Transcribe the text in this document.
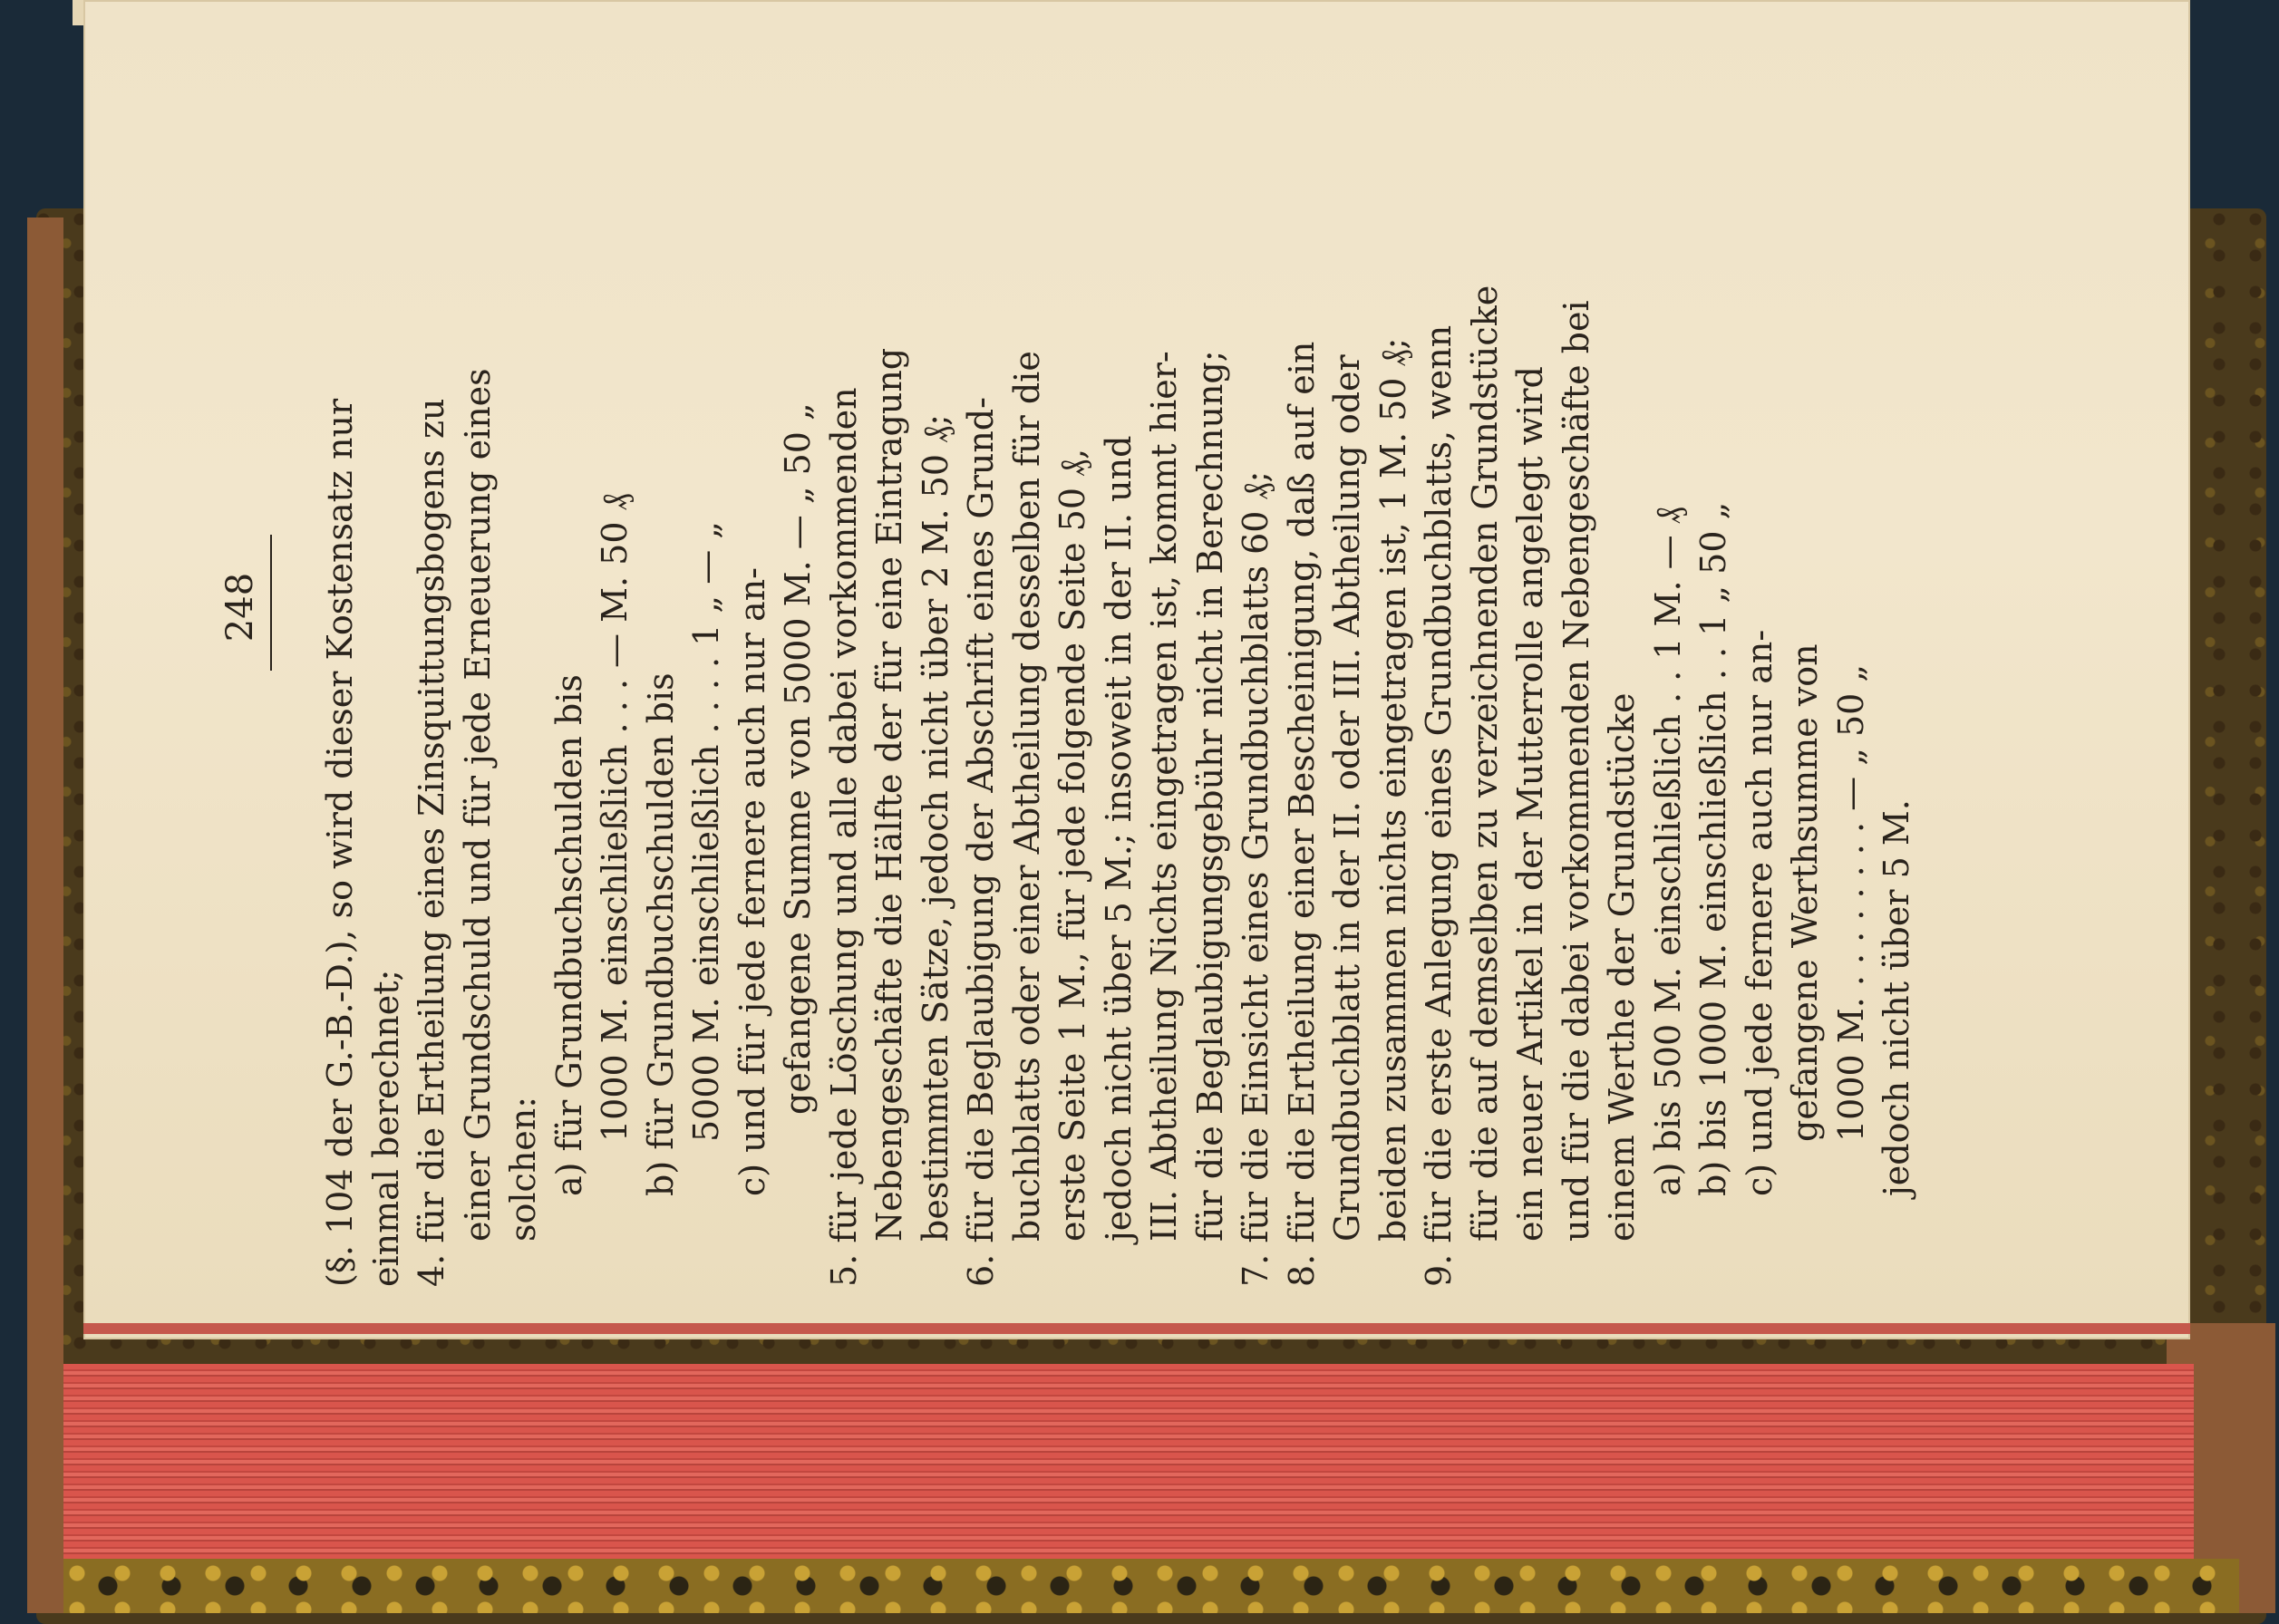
248 (§. 104 der G.-B.-D.), so wird dieser Kostensatz nur einmal berechnet; 4. für die Ertheilung eines Zinsquittungsbogens zu einer Grundschuld und für jede Erneuerung eines solchen: a) für Grundbuchschulden bis 1000 M. einschließlich . . . — M. 50 ₰ b) für Grundbuchschulden bis 5000 M. einschließlich . . . . 1 „ — „ c) und für jede fernere auch nur an- gefangene Summe von 5000 M. — „ 50 „ 5. für jede Löschung und alle dabei vorkommenden Nebengeschäfte die Hälfte der für eine Eintragung bestimmten Sätze, jedoch nicht über 2 M. 50 ₰; 6. für die Beglaubigung der Abschrift eines Grund- buchblatts oder einer Abtheilung desselben für die erste Seite 1 M., für jede folgende Seite 50 ₰, jedoch nicht über 5 M.; insoweit in der II. und III. Abtheilung Nichts eingetragen ist, kommt hier- für die Beglaubigungsgebühr nicht in Berechnung; 7. für die Einsicht eines Grundbuchblatts 60 ₰; 8. für die Ertheilung einer Bescheinigung, daß auf ein Grundbuchblatt in der II. oder III. Abtheilung oder beiden zusammen nichts eingetragen ist, 1 M. 50 ₰; 9. für die erste Anlegung eines Grundbuchblatts, wenn für die auf demselben zu verzeichnenden Grundstücke ein neuer Artikel in der Mutterrolle angelegt wird und für die dabei vorkommenden Nebengeschäfte bei einem Werthe der Grundstücke a) bis 500 M. einschließlich . . 1 M. — ₰ b) bis 1000 M. einschließlich . . 1 „ 50 „ c) und jede fernere auch nur an- gefangene Werthsumme von 1000 M. . . . . . . . . — „ 50 „ jedoch nicht über 5 M.
